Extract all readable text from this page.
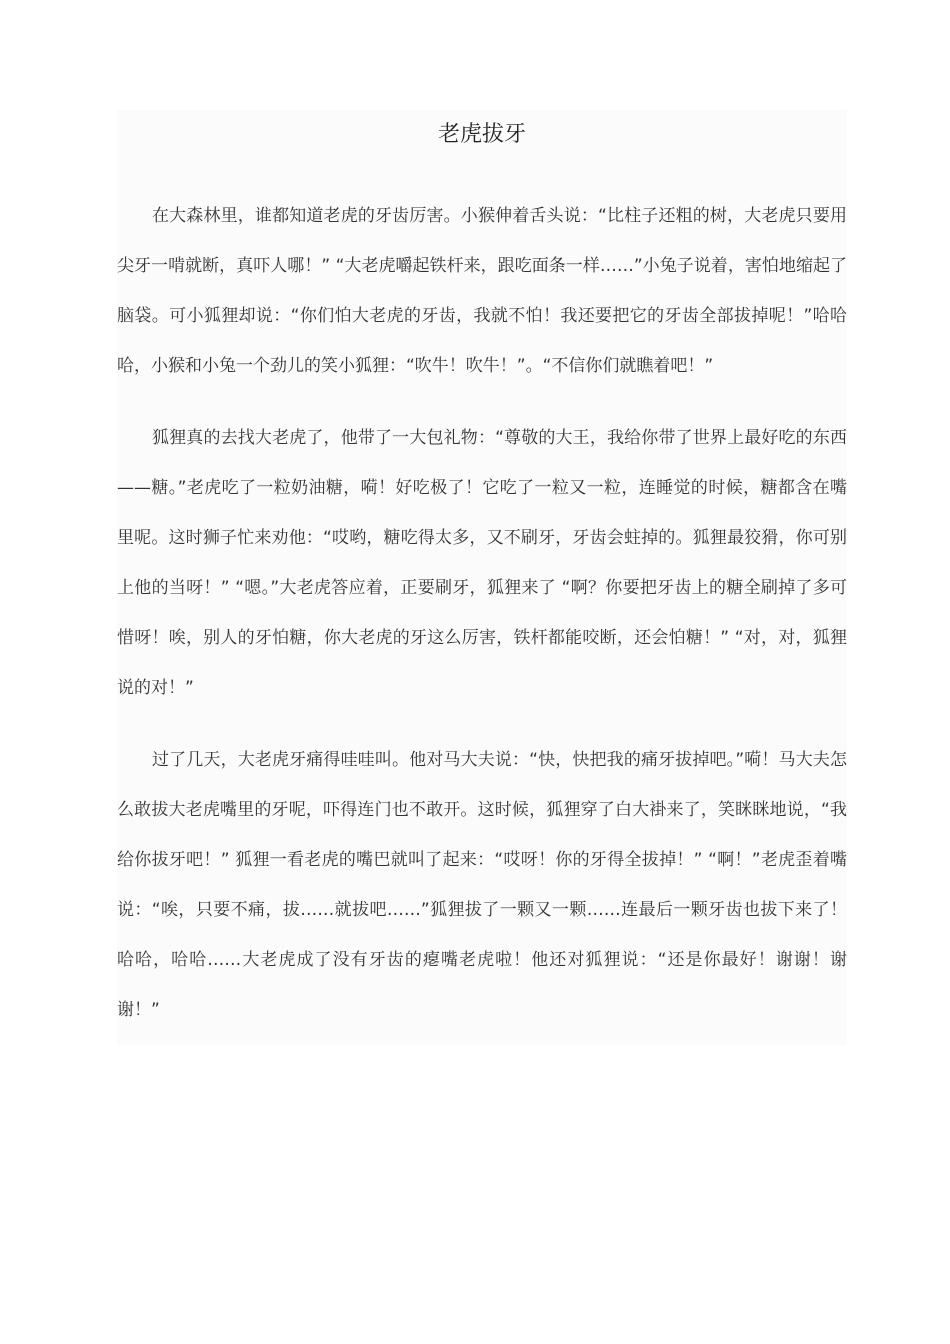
老虎拔牙

在大森林里，谁都知道老虎的牙齿厉害。小猴伸着舌头说：“比柱子还粗的树，大老虎只要用尖牙一啃就断，真吓人哪！” “大老虎嚼起铁杆来，跟吃面条一样……”小兔子说着，害怕地缩起了脑袋。可小狐狸却说：“你们怕大老虎的牙齿，我就不怕！我还要把它的牙齿全部拔掉呢！”哈哈哈，小猴和小兔一个劲儿的笑小狐狸：“吹牛！吹牛！”。“不信你们就瞧着吧！”

狐狸真的去找大老虎了，他带了一大包礼物：“尊敬的大王，我给你带了世界上最好吃的东西——糖。”老虎吃了一粒奶油糖，嗬！好吃极了！它吃了一粒又一粒，连睡觉的时候，糖都含在嘴里呢。这时狮子忙来劝他：“哎哟，糖吃得太多，又不刷牙，牙齿会蛀掉的。狐狸最狡猾，你可别上他的当呀！” “嗯。”大老虎答应着，正要刷牙，狐狸来了 “啊？你要把牙齿上的糖全刷掉了多可惜呀！唉，别人的牙怕糖，你大老虎的牙这么厉害，铁杆都能咬断，还会怕糖！” “对，对，狐狸说的对！”

过了几天，大老虎牙痛得哇哇叫。他对马大夫说：“快，快把我的痛牙拔掉吧。”嗬！马大夫怎么敢拔大老虎嘴里的牙呢，吓得连门也不敢开。这时候，狐狸穿了白大褂来了，笑眯眯地说，“我给你拔牙吧！” 狐狸一看老虎的嘴巴就叫了起来：“哎呀！你的牙得全拔掉！” “啊！”老虎歪着嘴说：“唉，只要不痛，拔……就拔吧……”狐狸拔了一颗又一颗……连最后一颗牙齿也拔下来了！哈哈，哈哈……大老虎成了没有牙齿的瘪嘴老虎啦！他还对狐狸说：“还是你最好！谢谢！谢谢！”
